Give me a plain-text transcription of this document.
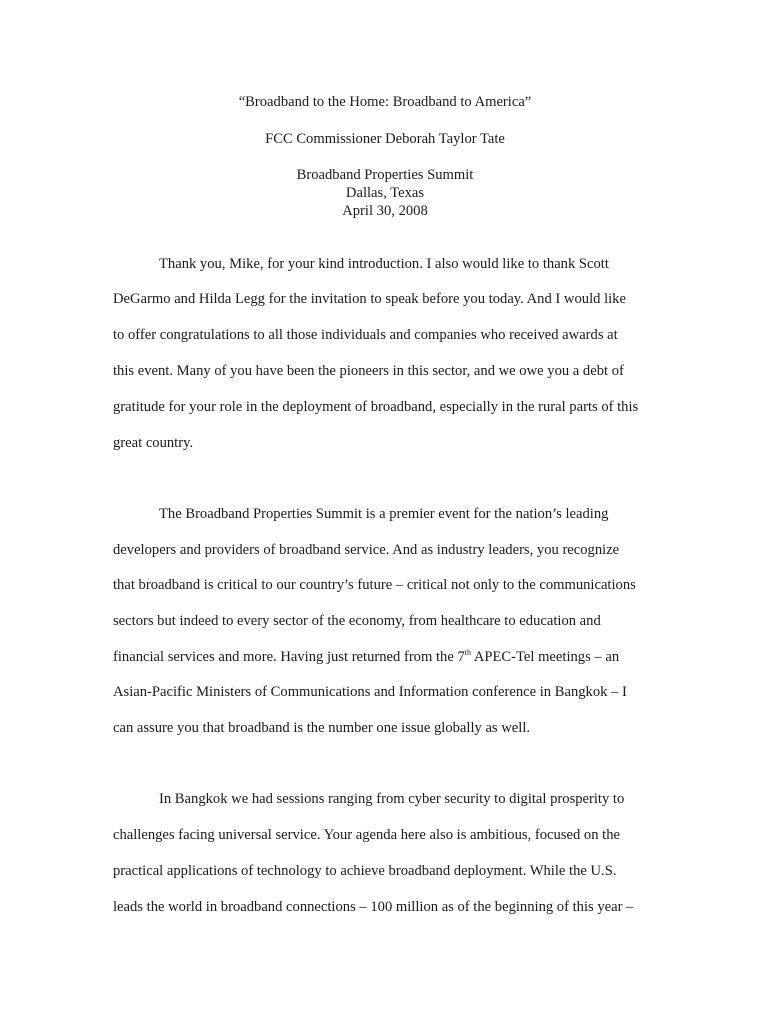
“Broadband to the Home: Broadband to America”
FCC Commissioner Deborah Taylor Tate
Broadband Properties Summit
Dallas, Texas
April 30, 2008
Thank you, Mike, for your kind introduction. I also would like to thank Scott
DeGarmo and Hilda Legg for the invitation to speak before you today. And I would like
to offer congratulations to all those individuals and companies who received awards at
this event. Many of you have been the pioneers in this sector, and we owe you a debt of
gratitude for your role in the deployment of broadband, especially in the rural parts of this
great country.
The Broadband Properties Summit is a premier event for the nation’s leading
developers and providers of broadband service. And as industry leaders, you recognize
that broadband is critical to our country’s future – critical not only to the communications
sectors but indeed to every sector of the economy, from healthcare to education and
financial services and more. Having just returned from the 7th APEC-Tel meetings – an
Asian-Pacific Ministers of Communications and Information conference in Bangkok – I
can assure you that broadband is the number one issue globally as well.
In Bangkok we had sessions ranging from cyber security to digital prosperity to
challenges facing universal service. Your agenda here also is ambitious, focused on the
practical applications of technology to achieve broadband deployment. While the U.S.
leads the world in broadband connections – 100 million as of the beginning of this year –
